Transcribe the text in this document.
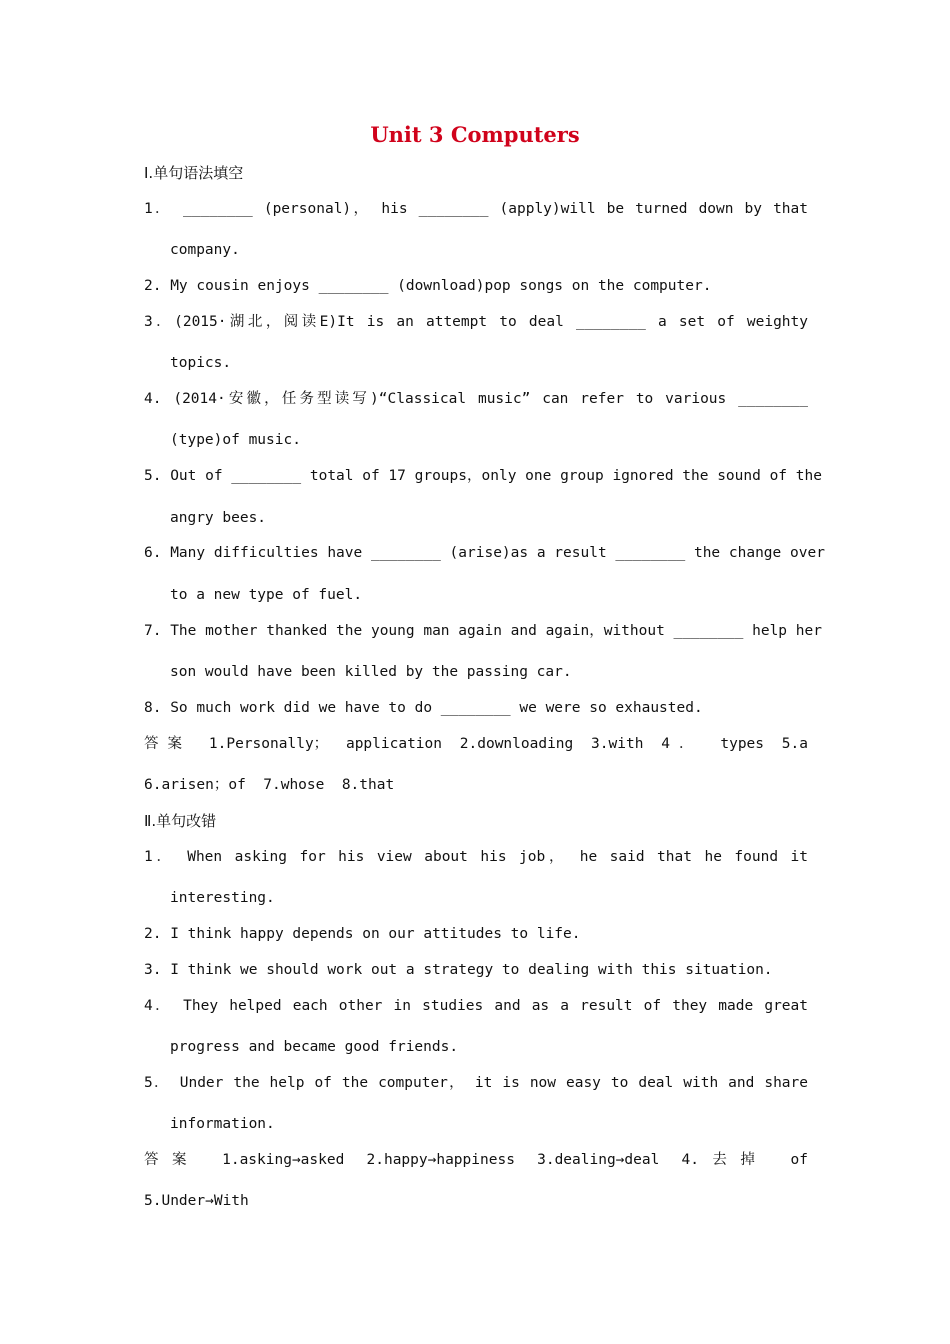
Unit 3 Computers
Ⅰ.单句语法填空
1． ________ (personal)， his ________ (apply)will be turned down by that
company.
2. My cousin enjoys ________ (download)pop songs on the computer.
3．(2015·湖北，阅读E)It is an attempt to deal ________ a set of weighty
topics.
4. (2014·安徽，任务型读写)“Classical music” can refer to various ________
(type)of music.
5. Out of ________ total of 17 groups，only one group ignored the sound of the
angry bees.
6. Many difficulties have ________ (arise)as a result ________ the change over
to a new type of fuel.
7. The mother thanked the young man again and again，without ________ help her
son would have been killed by the passing car.
8. So much work did we have to do ________ we were so exhausted.
答案 1.Personally； application 2.downloading 3.with 4． types 5.a
6.arisen；of  7.whose  8.that
Ⅱ.单句改错
1． When asking for his view about his job， he said that he found it
interesting.
2. I think happy depends on our attitudes to life.
3. I think we should work out a strategy to dealing with this situation.
4． They helped each other in studies and as a result of they made great
progress and became good friends.
5． Under the help of the computer， it is now easy to deal with and share
information.
答案 1.asking→asked 2.happy→happiness 3.dealing→deal 4.去掉 of
5.Under→With
